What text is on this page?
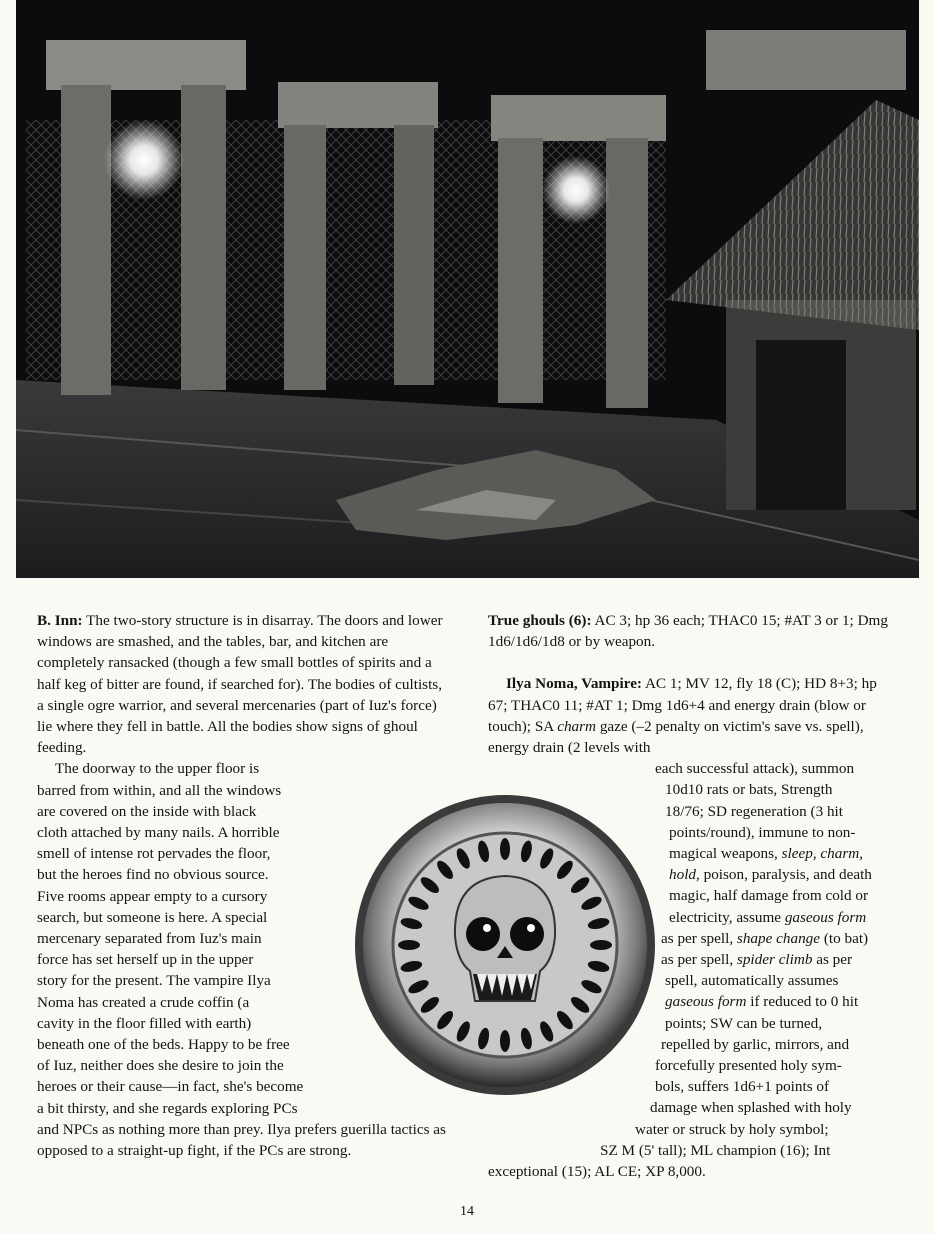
B. Inn: The two-story structure is in disarray. The doors and lower windows are smashed, and the tables, bar, and kitchen are completely ransacked (though a few small bottles of spirits and a half keg of bitter are found, if searched for). The bodies of cultists, a single ogre warrior, and several mercenaries (part of Iuz's force) lie where they fell in battle. All the bodies show signs of ghoul feeding.

The doorway to the upper floor is
barred from within, and all the windows
are covered on the inside with black
cloth attached by many nails. A horrible
smell of intense rot pervades the floor,
but the heroes find no obvious source.
Five rooms appear empty to a cursory
search, but someone is here. A special
mercenary separated from Iuz's main
force has set herself up in the upper
story for the present. The vampire Ilya
Noma has created a crude coffin (a
cavity in the floor filled with earth)
beneath one of the beds. Happy to be free
of Iuz, neither does she desire to join the
heroes or their cause—in fact, she's become
a bit thirsty, and she regards exploring PCs

and NPCs as nothing more than prey. Ilya prefers guerilla tactics as opposed to a straight-up fight, if the PCs are strong.

True ghouls (6): AC 3; hp 36 each; THAC0 15; #AT 3 or 1; Dmg 1d6/1d6/1d8 or by weapon.

Ilya Noma, Vampire: AC 1; MV 12, fly 18 (C); HD 8+3; hp 67; THAC0 11; #AT 1; Dmg 1d6+4 and energy drain (blow or touch); SA charm gaze (–2 penalty on victim's save vs. spell), energy drain (2 levels with

each successful attack), summon
10d10 rats or bats, Strength
18/76; SD regeneration (3 hit
points/round), immune to non-
magical weapons, sleep, charm,
hold, poison, paralysis, and death
magic, half damage from cold or
electricity, assume gaseous form
as per spell, shape change (to bat)
as per spell, spider climb as per
spell, automatically assumes
gaseous form if reduced to 0 hit
points; SW can be turned,
repelled by garlic, mirrors, and
forcefully presented holy sym-
bols, suffers 1d6+1 points of
damage when splashed with holy
water or struck by holy symbol;
SZ M (5' tall); ML champion (16); Int
exceptional (15); AL CE; XP 8,000.
14
